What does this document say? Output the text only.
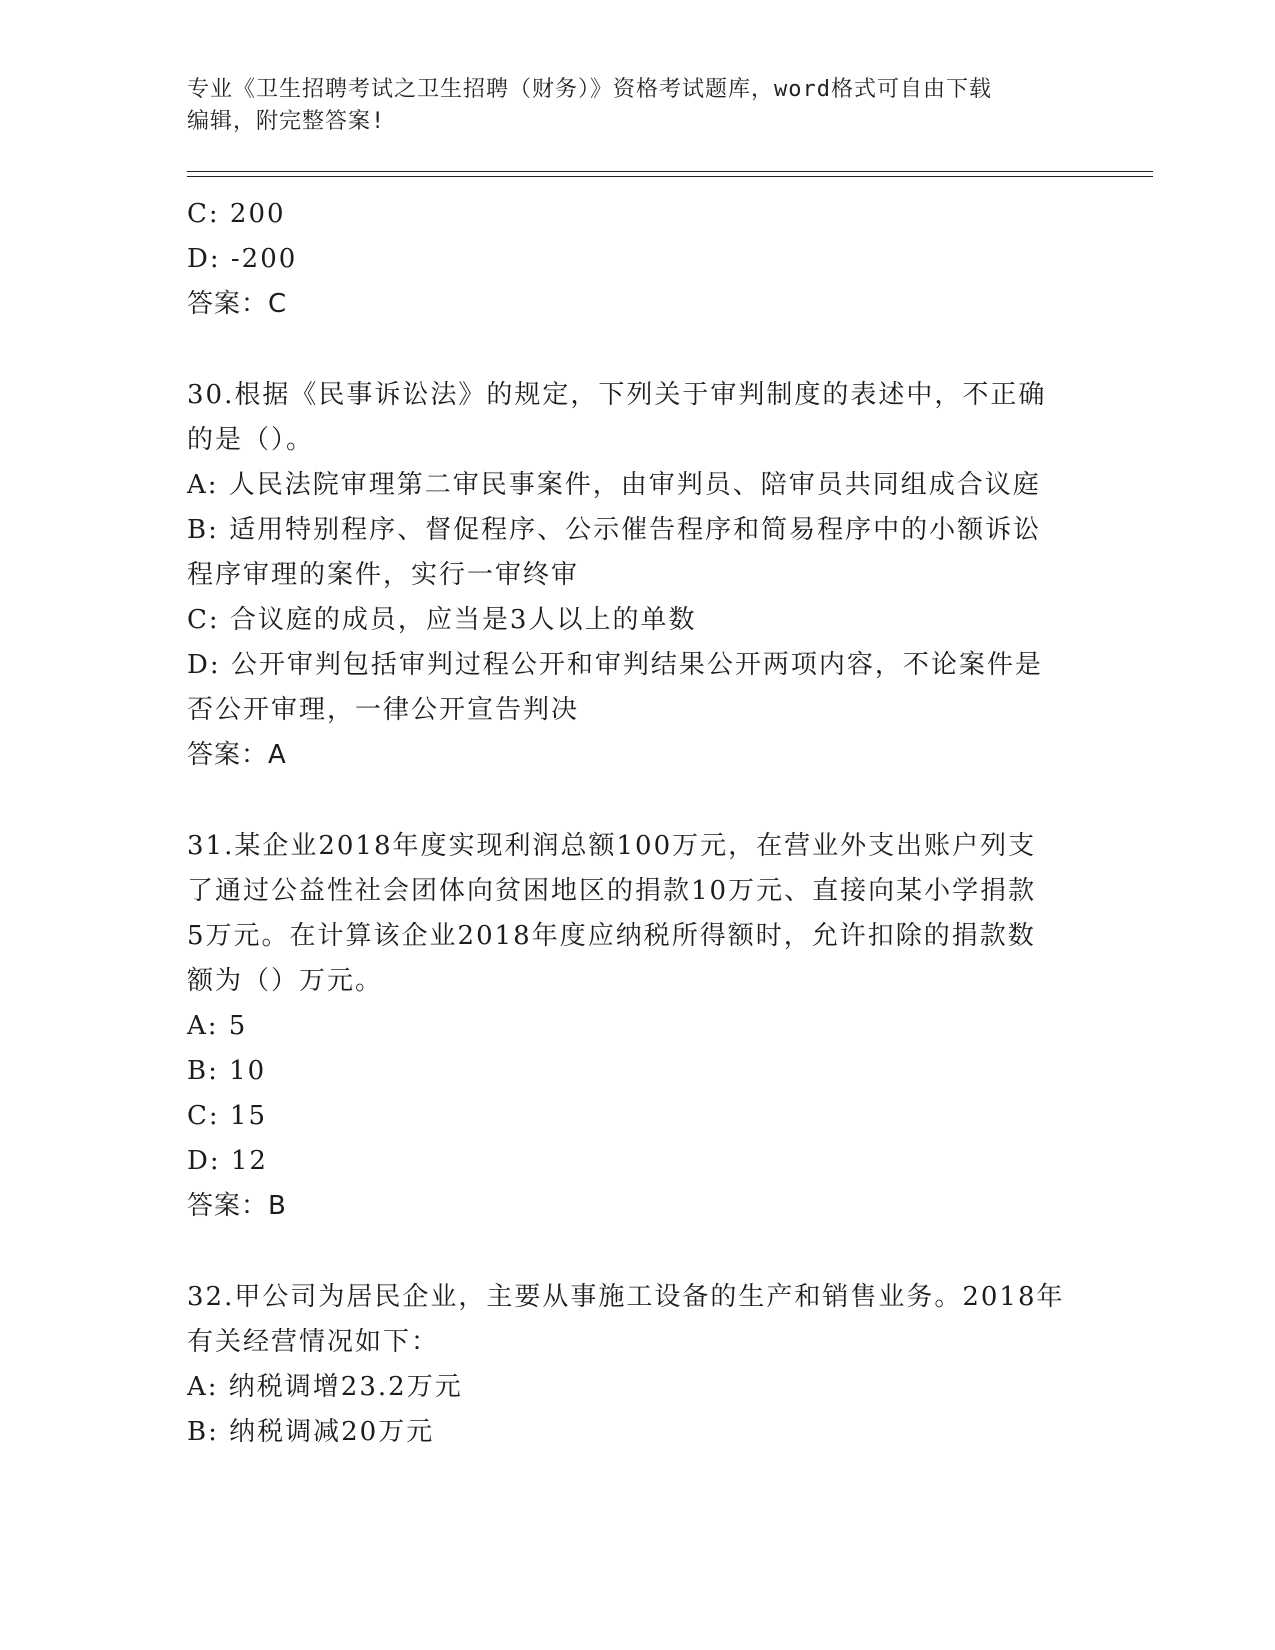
专业《卫生招聘考试之卫生招聘（财务）》资格考试题库，word格式可自由下载
编辑，附完整答案!
C: 200
D: -200
答案：C
30.根据《民事诉讼法》的规定，下列关于审判制度的表述中，不正确
的是（）。
A: 人民法院审理第二审民事案件，由审判员、陪审员共同组成合议庭
B: 适用特别程序、督促程序、公示催告程序和简易程序中的小额诉讼
程序审理的案件，实行一审终审
C: 合议庭的成员，应当是3人以上的单数
D: 公开审判包括审判过程公开和审判结果公开两项内容，不论案件是
否公开审理，一律公开宣告判决
答案：A
31.某企业2018年度实现利润总额100万元，在营业外支出账户列支
了通过公益性社会团体向贫困地区的捐款10万元、直接向某小学捐款
5万元。在计算该企业2018年度应纳税所得额时，允许扣除的捐款数
额为（）万元。
A: 5
B: 10
C: 15
D: 12
答案：B
32.甲公司为居民企业，主要从事施工设备的生产和销售业务。2018年
有关经营情况如下：
A: 纳税调增23.2万元
B: 纳税调减20万元
